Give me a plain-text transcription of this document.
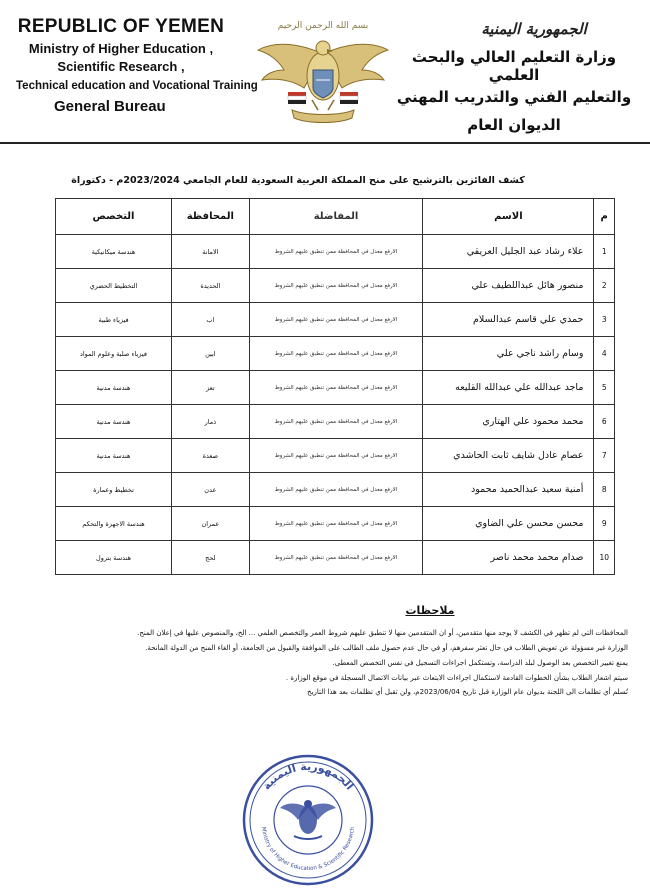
REPUBLIC OF YEMEN
Ministry of Higher Education ,
Scientific Research ,
Technical education and Vocational Training
General Bureau
بسم الله الرحمن الرحيم	الجمهورية اليمنية
وزارة التعليم العالي والبحث العلمي
والتعليم الفني والتدريب المهني
الديوان العام
كشف الفائزين بالترشيح على منح المملكة العربية السعودية للعام الجامعي 2023/2024م - دكتوراة
م	الاسم	المفاضلة	المحافظة	التخصص
1	علاء رشاد عبد الجليل العريقي	الارفع معدل في المحافظة ممن تنطبق عليهم الشروط	الامانة	هندسة ميكانيكية
2	منصور هائل عبداللطيف علي	الارفع معدل في المحافظة ممن تنطبق عليهم الشروط	الحديدة	التخطيط الحضري
3	حمدي علي قاسم عبدالسلام	الارفع معدل في المحافظة ممن تنطبق عليهم الشروط	اب	فيزياء طبية
4	وسام راشد ناجي علي	الارفع معدل في المحافظة ممن تنطبق عليهم الشروط	ابين	فيزياء صلبة وعلوم المواد
5	ماجد عبدالله علي عبدالله القليعه	الارفع معدل في المحافظة ممن تنطبق عليهم الشروط	تعز	هندسة مدنية
6	محمد محمود علي الهتاري	الارفع معدل في المحافظة ممن تنطبق عليهم الشروط	ذمار	هندسة مدنية
7	عصام عادل شايف ثابت الحاشدي	الارفع معدل في المحافظة ممن تنطبق عليهم الشروط	صعدة	هندسة مدنية
8	أمنية سعيد عبدالحميد محمود	الارفع معدل في المحافظة ممن تنطبق عليهم الشروط	عدن	تخطيط وعمارة
9	محسن محسن علي الضاوي	الارفع معدل في المحافظة ممن تنطبق عليهم الشروط	عمران	هندسة الاجهزة والتحكم
10	صدام محمد محمد ناصر	الارفع معدل في المحافظة ممن تنطبق عليهم الشروط	لحج	هندسة بترول
ملاحظات

المحافظات التي لم تظهر في الكشف لا يوجد منها متقدمين، أو ان المتقدمين منها لا تنطبق عليهم شروط العمر والتخصص العلمي ... الخ، والمنصوص عليها في إعلان المنح.

الوزارة غير مسؤولة عن تعويض الطلاب في حال تعثر سفرهم، أو في حال عدم حصول ملف الطالب على الموافقة والقبول من الجامعة، أو الغاء المنح من الدولة المانحة.

يمنع تغيير التخصص بعد الوصول لبلد الدراسة، وتستكمل اجراءات التسجيل في نفس التخصص المعطى.

سيتم اشعار الطلاب بشأن الخطوات القادمة لاستكمال اجراءات الابتعاث عبر بيانات الاتصال المسجلة في موقع الوزارة .

تُسلم أي تظلمات الى اللجنة بديوان عام الوزارة قبل تاريخ 2023/06/04م، ولن تقبل أي تظلمات بعد هذا التاريخ

الجمهورية اليمنية
Ministry of Higher Education & Scientific Research
